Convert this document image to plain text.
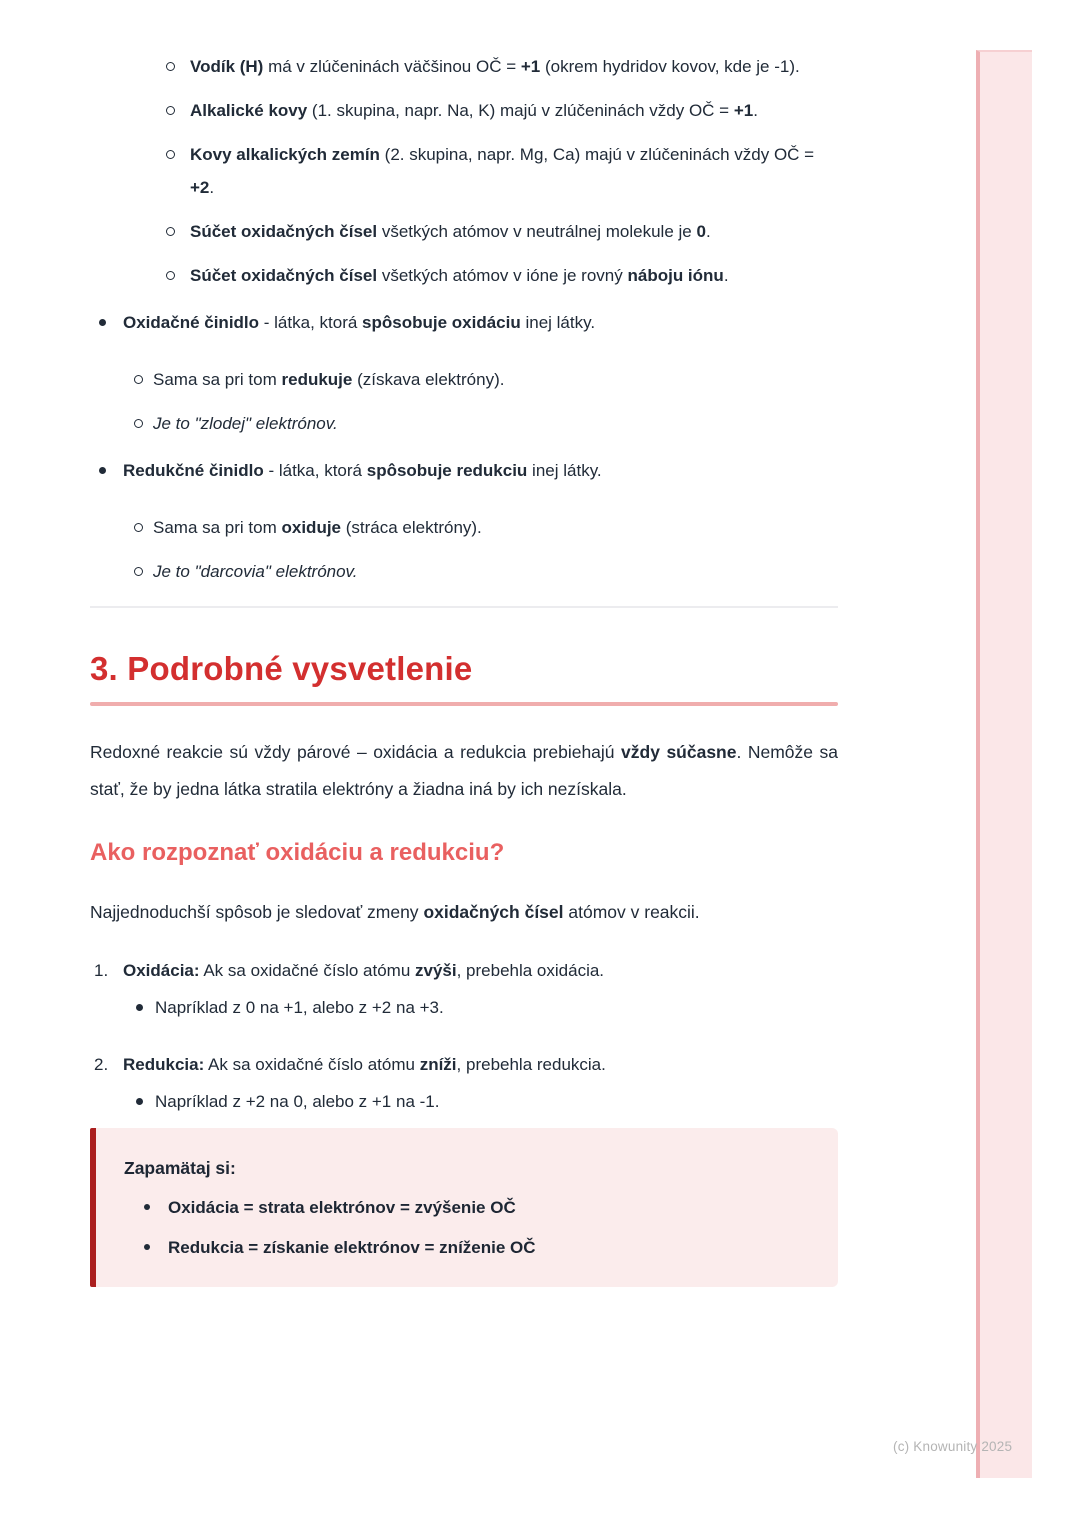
(c) Knowunity 2025
Vodík (H) má v zlúčeninách väčšinou OČ = +1 (okrem hydridov kovov, kde je -1).
Alkalické kovy (1. skupina, napr. Na, K) majú v zlúčeninách vždy OČ = +1.
Kovy alkalických zemín (2. skupina, napr. Mg, Ca) majú v zlúčeninách vždy OČ = +2.
Súčet oxidačných čísel všetkých atómov v neutrálnej molekule je 0.
Súčet oxidačných čísel všetkých atómov v ióne je rovný náboju iónu.
Oxidačné činidlo - látka, ktorá spôsobuje oxidáciu inej látky.
Sama sa pri tom redukuje (získava elektróny).
Je to "zlodej" elektrónov.
Redukčné činidlo - látka, ktorá spôsobuje redukciu inej látky.
Sama sa pri tom oxiduje (stráca elektróny).
Je to "darcovia" elektrónov.
3. Podrobné vysvetlenie

Redoxné reakcie sú vždy párové – oxidácia a redukcia prebiehajú vždy súčasne. Nemôže sa stať, že by jedna látka stratila elektróny a žiadna iná by ich nezískala.

Ako rozpoznať oxidáciu a redukciu?

Najjednoduchší spôsob je sledovať zmeny oxidačných čísel atómov v reakcii.

1. Oxidácia: Ak sa oxidačné číslo atómu zvýši, prebehla oxidácia.
Napríklad z 0 na +1, alebo z +2 na +3.
2. Redukcia: Ak sa oxidačné číslo atómu zníži, prebehla redukcia.
Napríklad z +2 na 0, alebo z +1 na -1.
Zapamätaj si:
Oxidácia = strata elektrónov = zvýšenie OČ
Redukcia = získanie elektrónov = zníženie OČ
